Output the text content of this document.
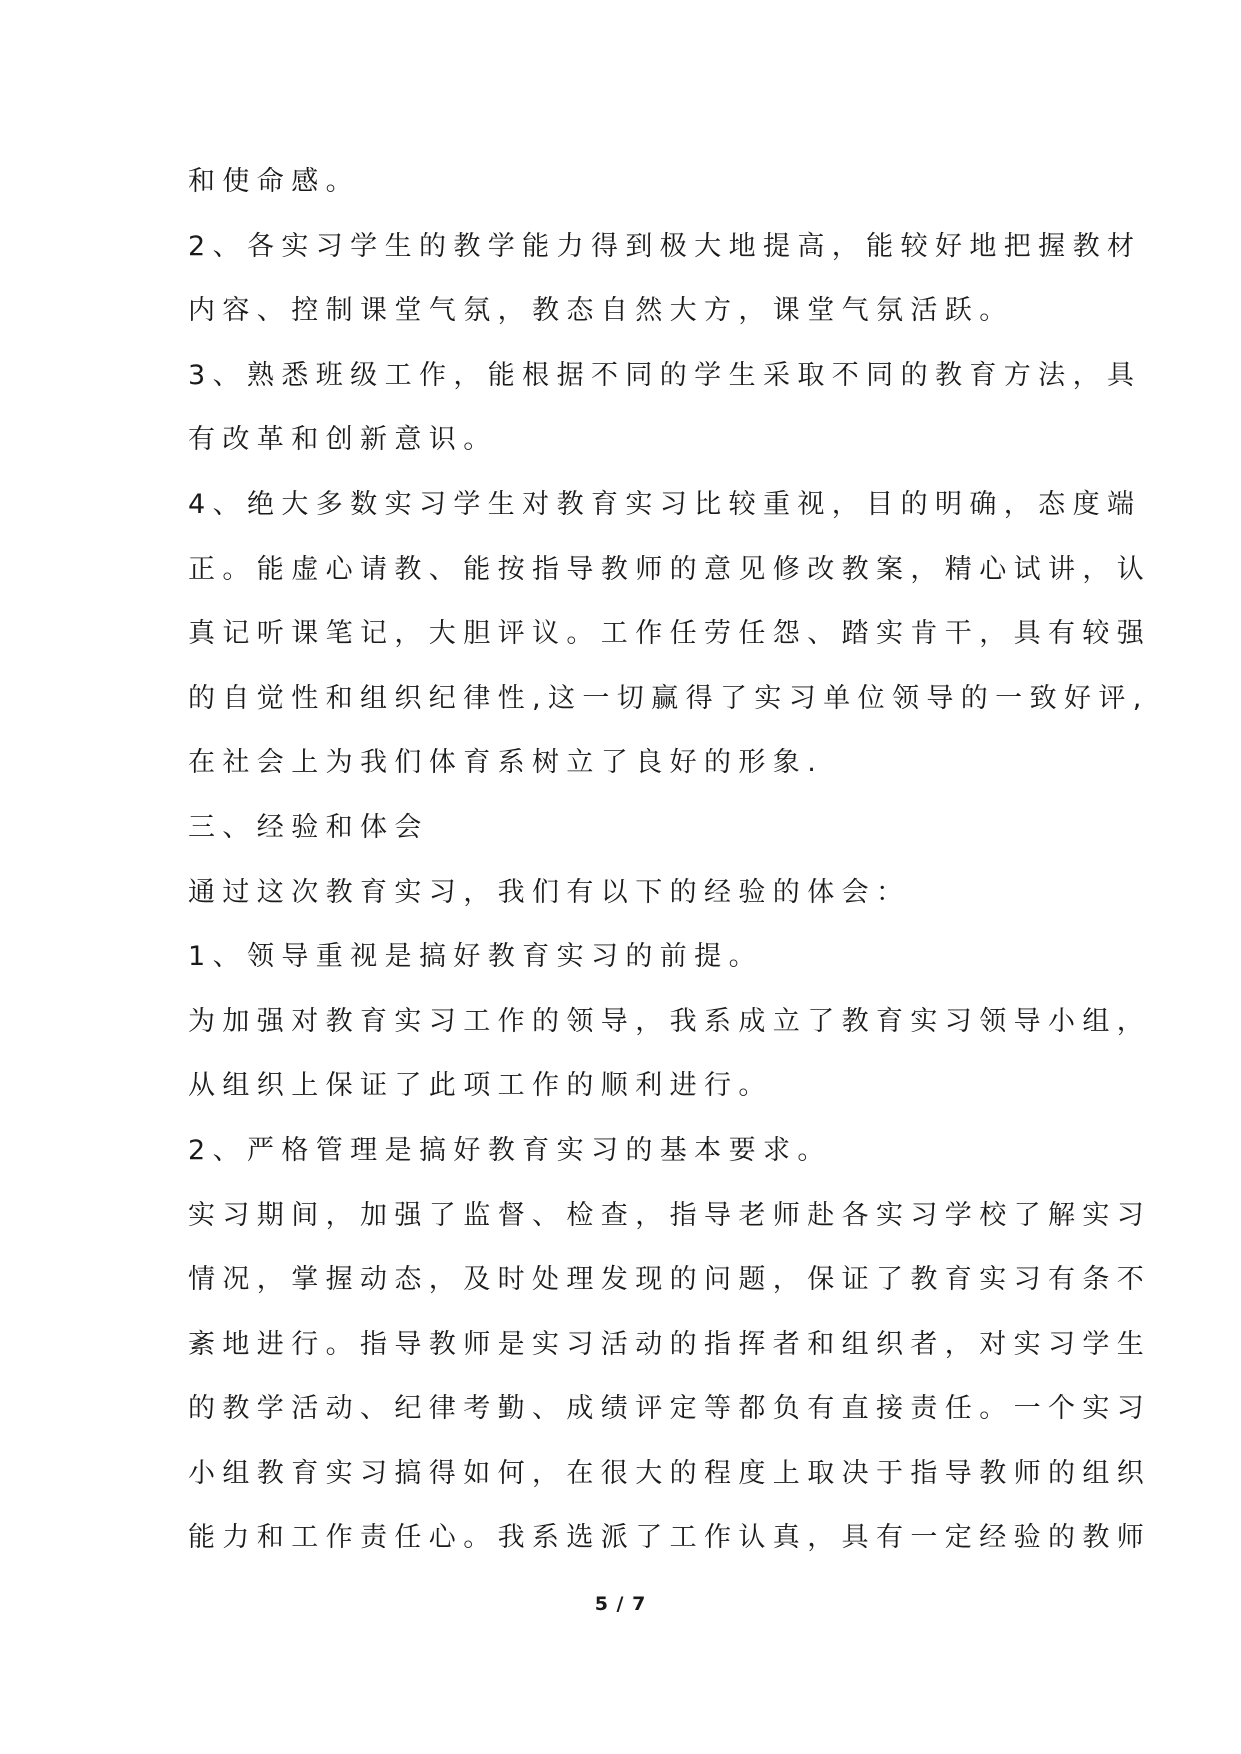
和使命感。

2、各实习学生的教学能力得到极大地提高，能较好地把握教材

内容、控制课堂气氛，教态自然大方，课堂气氛活跃。

3、熟悉班级工作，能根据不同的学生采取不同的教育方法，具

有改革和创新意识。

4、绝大多数实习学生对教育实习比较重视，目的明确，态度端

正。能虚心请教、能按指导教师的意见修改教案，精心试讲，认

真记听课笔记，大胆评议。工作任劳任怨、踏实肯干，具有较强

的自觉性和组织纪律性,这一切赢得了实习单位领导的一致好评,

在社会上为我们体育系树立了良好的形象.

三、经验和体会

通过这次教育实习，我们有以下的经验的体会：

1、领导重视是搞好教育实习的前提。

为加强对教育实习工作的领导，我系成立了教育实习领导小组，

从组织上保证了此项工作的顺利进行。

2、严格管理是搞好教育实习的基本要求。

实习期间，加强了监督、检查，指导老师赴各实习学校了解实习

情况，掌握动态，及时处理发现的问题，保证了教育实习有条不

紊地进行。指导教师是实习活动的指挥者和组织者，对实习学生

的教学活动、纪律考勤、成绩评定等都负有直接责任。一个实习

小组教育实习搞得如何，在很大的程度上取决于指导教师的组织

能力和工作责任心。我系选派了工作认真，具有一定经验的教师

5 / 7
